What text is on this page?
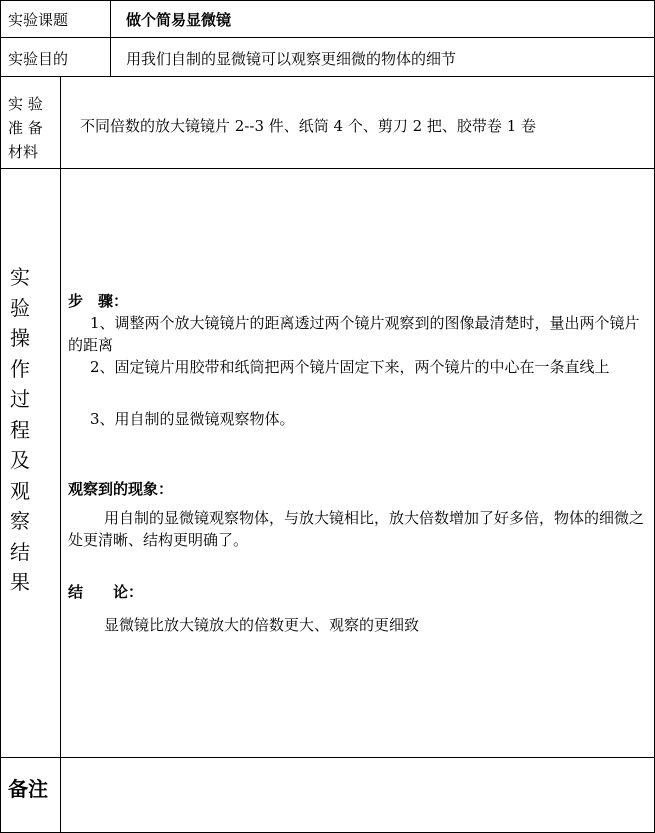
实验课题	做个简易显微镜
实验目的	用我们自制的显微镜可以观察更细微的物体的细节
实 验
准 备
材料
不同倍数的放大镜镜片 2--3 件、纸筒 4 个、剪刀 2 把、胶带卷 1 卷
实
验
操
作
过
程
及
观
察
结
果
步　骤：
1、调整两个放大镜镜片的距离透过两个镜片观察到的图像最清楚时，量出两个镜片的距离
2、固定镜片用胶带和纸筒把两个镜片固定下来，两个镜片的中心在一条直线上
3、用自制的显微镜观察物体。
观察到的现象：
用自制的显微镜观察物体，与放大镜相比，放大倍数增加了好多倍，物体的细微之处更清晰、结构更明确了。
结　　论：
显微镜比放大镜放大的倍数更大、观察的更细致
备注
